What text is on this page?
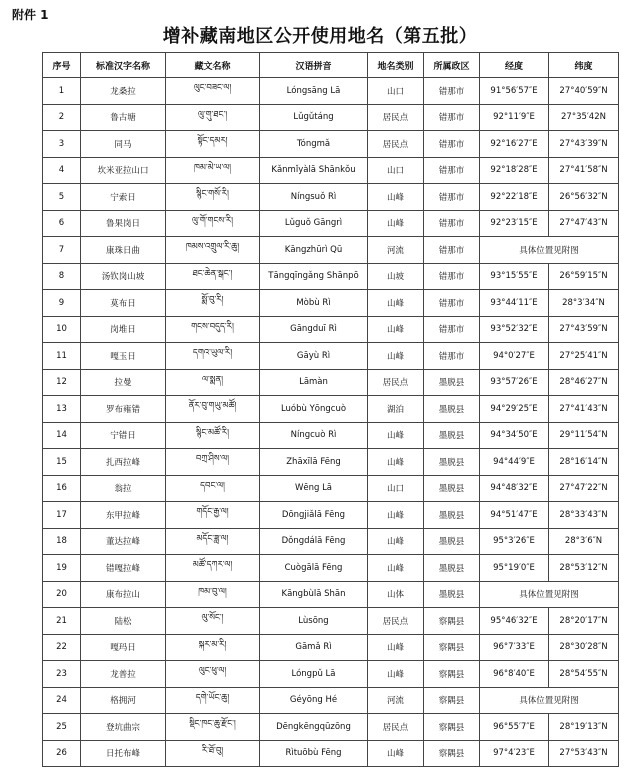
附件 1
增补藏南地区公开使用地名（第五批）
序号	标准汉字名称	藏文名称	汉语拼音	地名类别	所属政区	经度	纬度
1	龙桑拉	ལུང་བཟང་ལ།	Lóngsāng Lā	山口	错那市	91°56′57″E	27°40′59″N
2	鲁古塘	ལུ་གུ་ཐང་།	Lǔgǔtáng	居民点	错那市	92°11′9″E	27°35′42N
3	同马	སྟོང་དམར།	Tóngmǎ	居民点	错那市	92°16′27″E	27°43′39″N
4	坎米亚拉山口	ཁམ་མེ་ཡ་ལ།	Kǎnmǐyàlā Shānkǒu	山口	错那市	92°18′28″E	27°41′58″N
5	宁索日	སྙིང་གསོ་རི།	Níngsuǒ Rì	山峰	错那市	92°22′18″E	26°56′32″N
6	鲁果岗日	ལུ་གོ་གངས་རི།	Lǔguǒ Gāngrì	山峰	错那市	92°23′15″E	27°47′43″N
7	康珠日曲	ཁམས་འགྲུལ་རི་ཆུ།	Kāngzhūrì Qū	河流	错那市	具体位置见附图	
8	汤钦岗山坡	ཐང་ཆེན་སྒང་།	Tāngqīngǎng Shānpō	山坡	错那市	93°15′55″E	26°59′15″N
9	莫布日	སྨོ་བུ་རི།	Mòbù Rì	山峰	错那市	93°44′11″E	28°3′34″N
10	岗堆日	གངས་བདུད་རི།	Gāngduī Rì	山峰	错那市	93°52′32″E	27°43′59″N
11	嘎玉日	དགའ་ཡུལ་རི།	Gāyù Rì	山峰	错那市	94°0′27″E	27°25′41″N
12	拉曼	ལ་སྨན།	Lāmàn	居民点	墨脱县	93°57′26″E	28°46′27″N
13	罗布雍错	ནོར་བུ་གཡུ་མཚོ།	Luóbù Yōngcuò	湖泊	墨脱县	94°29′25″E	27°41′43″N
14	宁错日	སྙིང་མཚོ་རི།	Níngcuò Rì	山峰	墨脱县	94°34′50″E	29°11′54″N
15	扎西拉峰	བཀྲ་ཤིས་ལ།	Zhāxīlā Fēng	山峰	墨脱县	94°44′9″E	28°16′14″N
16	翁拉	དབང་ལ།	Wēng Lā	山口	墨脱县	94°48′32″E	27°47′22″N
17	东甲拉峰	གདོང་རྒྱ་ལ།	Dōngjiǎlā Fēng	山峰	墨脱县	94°51′47″E	28°33′43″N
18	董达拉峰	མདོང་ཟླ་ལ།	Dǒngdálā Fēng	山峰	墨脱县	95°3′26″E	28°3′6″N
19	错嘎拉峰	མཚོ་དཀར་ལ།	Cuògālā Fēng	山峰	墨脱县	95°19′0″E	28°53′12″N
20	康布拉山	ཁམ་བུ་ལ།	Kāngbùlā Shān	山体	墨脱县	具体位置见附图	
21	陆松	ལུ་སོང་།	Lùsōng	居民点	察隅县	95°46′32″E	28°20′17″N
22	嘎玛日	སྐར་མ་རི།	Gāmǎ Rì	山峰	察隅县	96°7′33″E	28°30′28″N
23	龙普拉	ལུང་ཕུ་ལ།	Lóngpǔ Lā	山峰	察隅县	96°8′40″E	28°54′55″N
24	格拥河	དགེ་ཡོང་ཆུ།	Géyōng Hé	河流	察隅县	具体位置见附图	
25	登坑曲宗	སྡིང་ཁང་ཆུ་རྫོང་།	Dēngkēngqūzōng	居民点	察隅县	96°55′7″E	28°19′13″N
26	日托布峰	རི་ཐོ་བུ།	Rìtuōbù Fēng	山峰	察隅县	97°4′23″E	27°53′43″N
